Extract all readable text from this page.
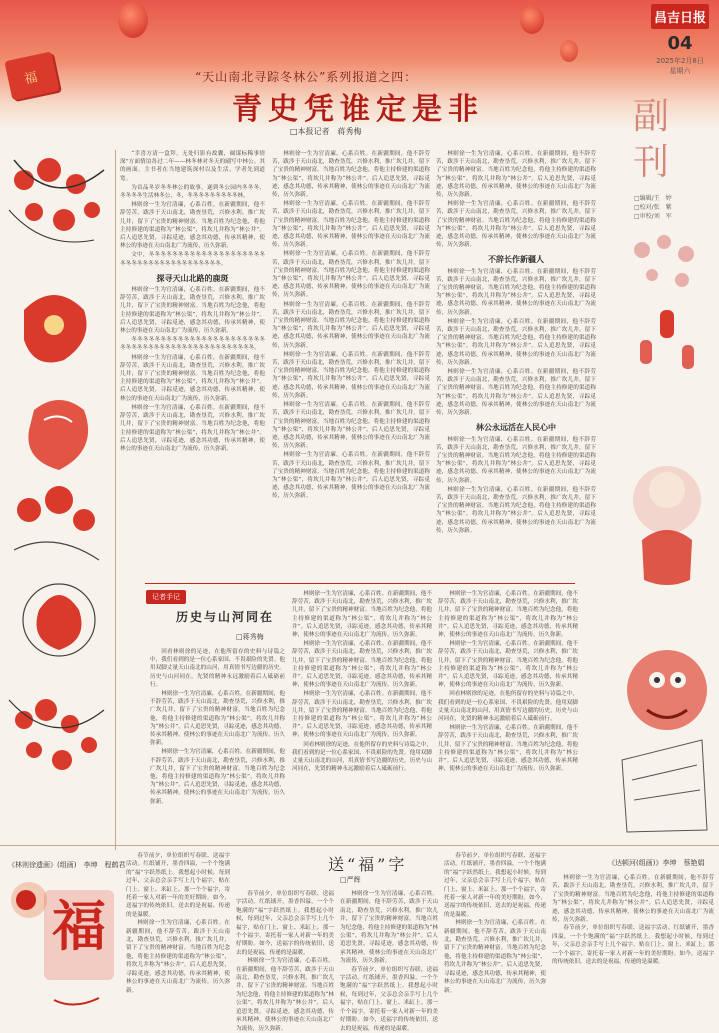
福
昌吉日报
04
2025年2月8日
星期六
“天山南北寻踪冬林公”系列报道之四：
青史凭谁定是非
□本报记者　蒋秀梅	副刊
□编辑/王　婷
□校对/张　紫
□审校/刘　军
《达顿河(组画)》李坤　蔡艳娟
《林则徐遗画》(组画)　李坤　程鹤君

“幸喜方清一盒拜，无处归影有故囊，阔谋标稀事情深”方面情谊各过二年——林冬林对冬天的刷写中林公。其的画面，主书者在当地建筑深村以及生活，学者先到道宽。

为首品冬岁冬冬林公的故事，遂到冬公园内冬冬冬，冬冬冬冬生活林冬公，冬，冬冬冬冬冬冬冬冬冬林。

林则徐一生为官清廉，心系百姓。在新疆期间，他不辞劳苦，跋涉于天山南北，勘查垦荒，兴修水利，推广坎儿井，留下了宝贵的精神财富。当地百姓为纪念他，将他主持修建的渠道称为“林公渠”，将坎儿井称为“林公井”。后人追思先贤，寻踪觅迹，感念其功德，传承其精神，使林公的事迹在天山南北广为流传，历久弥新。

文中，冬冬冬冬冬冬冬冬冬冬冬冬冬冬冬冬冬冬冬冬冬冬冬冬冬冬冬冬冬冬冬冬冬冬冬冬冬冬。

探寻天山北路的鹿斑

林则徐一生为官清廉，心系百姓。在新疆期间，他不辞劳苦，跋涉于天山南北，勘查垦荒，兴修水利，推广坎儿井，留下了宝贵的精神财富。当地百姓为纪念他，将他主持修建的渠道称为“林公渠”，将坎儿井称为“林公井”。后人追思先贤，寻踪觅迹，感念其功德，传承其精神，使林公的事迹在天山南北广为流传，历久弥新。

冬冬冬冬冬冬冬冬冬冬冬冬冬冬冬冬冬冬冬冬冬冬冬冬冬冬冬冬冬冬冬冬冬冬冬冬冬冬冬冬冬冬冬冬冬冬冬。

林则徐一生为官清廉，心系百姓。在新疆期间，他不辞劳苦，跋涉于天山南北，勘查垦荒，兴修水利，推广坎儿井，留下了宝贵的精神财富。当地百姓为纪念他，将他主持修建的渠道称为“林公渠”，将坎儿井称为“林公井”。后人追思先贤，寻踪觅迹，感念其功德，传承其精神，使林公的事迹在天山南北广为流传，历久弥新。

林则徐一生为官清廉，心系百姓。在新疆期间，他不辞劳苦，跋涉于天山南北，勘查垦荒，兴修水利，推广坎儿井，留下了宝贵的精神财富。当地百姓为纪念他，将他主持修建的渠道称为“林公渠”，将坎儿井称为“林公井”。后人追思先贤，寻踪觅迹，感念其功德，传承其精神，使林公的事迹在天山南北广为流传，历久弥新。

林则徐一生为官清廉，心系百姓。在新疆期间，他不辞劳苦，跋涉于天山南北，勘查垦荒，兴修水利，推广坎儿井，留下了宝贵的精神财富。当地百姓为纪念他，将他主持修建的渠道称为“林公渠”，将坎儿井称为“林公井”。后人追思先贤，寻踪觅迹，感念其功德，传承其精神，使林公的事迹在天山南北广为流传，历久弥新。

林则徐一生为官清廉，心系百姓。在新疆期间，他不辞劳苦，跋涉于天山南北，勘查垦荒，兴修水利，推广坎儿井，留下了宝贵的精神财富。当地百姓为纪念他，将他主持修建的渠道称为“林公渠”，将坎儿井称为“林公井”。后人追思先贤，寻踪觅迹，感念其功德，传承其精神，使林公的事迹在天山南北广为流传，历久弥新。

林则徐一生为官清廉，心系百姓。在新疆期间，他不辞劳苦，跋涉于天山南北，勘查垦荒，兴修水利，推广坎儿井，留下了宝贵的精神财富。当地百姓为纪念他，将他主持修建的渠道称为“林公渠”，将坎儿井称为“林公井”。后人追思先贤，寻踪觅迹，感念其功德，传承其精神，使林公的事迹在天山南北广为流传，历久弥新。

林则徐一生为官清廉，心系百姓。在新疆期间，他不辞劳苦，跋涉于天山南北，勘查垦荒，兴修水利，推广坎儿井，留下了宝贵的精神财富。当地百姓为纪念他，将他主持修建的渠道称为“林公渠”，将坎儿井称为“林公井”。后人追思先贤，寻踪觅迹，感念其功德，传承其精神，使林公的事迹在天山南北广为流传，历久弥新。

林则徐一生为官清廉，心系百姓。在新疆期间，他不辞劳苦，跋涉于天山南北，勘查垦荒，兴修水利，推广坎儿井，留下了宝贵的精神财富。当地百姓为纪念他，将他主持修建的渠道称为“林公渠”，将坎儿井称为“林公井”。后人追思先贤，寻踪觅迹，感念其功德，传承其精神，使林公的事迹在天山南北广为流传，历久弥新。

林则徐一生为官清廉，心系百姓。在新疆期间，他不辞劳苦，跋涉于天山南北，勘查垦荒，兴修水利，推广坎儿井，留下了宝贵的精神财富。当地百姓为纪念他，将他主持修建的渠道称为“林公渠”，将坎儿井称为“林公井”。后人追思先贤，寻踪觅迹，感念其功德，传承其精神，使林公的事迹在天山南北广为流传，历久弥新。

林则徐一生为官清廉，心系百姓。在新疆期间，他不辞劳苦，跋涉于天山南北，勘查垦荒，兴修水利，推广坎儿井，留下了宝贵的精神财富。当地百姓为纪念他，将他主持修建的渠道称为“林公渠”，将坎儿井称为“林公井”。后人追思先贤，寻踪觅迹，感念其功德，传承其精神，使林公的事迹在天山南北广为流传，历久弥新。

林则徐一生为官清廉，心系百姓。在新疆期间，他不辞劳苦，跋涉于天山南北，勘查垦荒，兴修水利，推广坎儿井，留下了宝贵的精神财富。当地百姓为纪念他，将他主持修建的渠道称为“林公渠”，将坎儿井称为“林公井”。后人追思先贤，寻踪觅迹，感念其功德，传承其精神，使林公的事迹在天山南北广为流传，历久弥新。

林则徐一生为官清廉，心系百姓。在新疆期间，他不辞劳苦，跋涉于天山南北，勘查垦荒，兴修水利，推广坎儿井，留下了宝贵的精神财富。当地百姓为纪念他，将他主持修建的渠道称为“林公渠”，将坎儿井称为“林公井”。后人追思先贤，寻踪觅迹，感念其功德，传承其精神，使林公的事迹在天山南北广为流传，历久弥新。

不辞长作新疆人

林则徐一生为官清廉，心系百姓。在新疆期间，他不辞劳苦，跋涉于天山南北，勘查垦荒，兴修水利，推广坎儿井，留下了宝贵的精神财富。当地百姓为纪念他，将他主持修建的渠道称为“林公渠”，将坎儿井称为“林公井”。后人追思先贤，寻踪觅迹，感念其功德，传承其精神，使林公的事迹在天山南北广为流传，历久弥新。

林则徐一生为官清廉，心系百姓。在新疆期间，他不辞劳苦，跋涉于天山南北，勘查垦荒，兴修水利，推广坎儿井，留下了宝贵的精神财富。当地百姓为纪念他，将他主持修建的渠道称为“林公渠”，将坎儿井称为“林公井”。后人追思先贤，寻踪觅迹，感念其功德，传承其精神，使林公的事迹在天山南北广为流传，历久弥新。

林则徐一生为官清廉，心系百姓。在新疆期间，他不辞劳苦，跋涉于天山南北，勘查垦荒，兴修水利，推广坎儿井，留下了宝贵的精神财富。当地百姓为纪念他，将他主持修建的渠道称为“林公渠”，将坎儿井称为“林公井”。后人追思先贤，寻踪觅迹，感念其功德，传承其精神，使林公的事迹在天山南北广为流传，历久弥新。

林公永远活在人民心中

林则徐一生为官清廉，心系百姓。在新疆期间，他不辞劳苦，跋涉于天山南北，勘查垦荒，兴修水利，推广坎儿井，留下了宝贵的精神财富。当地百姓为纪念他，将他主持修建的渠道称为“林公渠”，将坎儿井称为“林公井”。后人追思先贤，寻踪觅迹，感念其功德，传承其精神，使林公的事迹在天山南北广为流传，历久弥新。

林则徐一生为官清廉，心系百姓。在新疆期间，他不辞劳苦，跋涉于天山南北，勘查垦荒，兴修水利，推广坎儿井，留下了宝贵的精神财富。当地百姓为纪念他，将他主持修建的渠道称为“林公渠”，将坎儿井称为“林公井”。后人追思先贤，寻踪觅迹，感念其功德，传承其精神，使林公的事迹在天山南北广为流传，历久弥新。

记者手记
历史与山河同在
□蒋秀梅

回看林则徐的足迹，在他所留存的史料与诗篇之中，我们看到的是一位心系家国、不畏艰险的先贤。他用双脚丈量天山南北的山河，用真情书写边疆的历史。历史与山河同在，先贤的精神永远激励着后人砥砺前行。

林则徐一生为官清廉，心系百姓。在新疆期间，他不辞劳苦，跋涉于天山南北，勘查垦荒，兴修水利，推广坎儿井，留下了宝贵的精神财富。当地百姓为纪念他，将他主持修建的渠道称为“林公渠”，将坎儿井称为“林公井”。后人追思先贤，寻踪觅迹，感念其功德，传承其精神，使林公的事迹在天山南北广为流传，历久弥新。

林则徐一生为官清廉，心系百姓。在新疆期间，他不辞劳苦，跋涉于天山南北，勘查垦荒，兴修水利，推广坎儿井，留下了宝贵的精神财富。当地百姓为纪念他，将他主持修建的渠道称为“林公渠”，将坎儿井称为“林公井”。后人追思先贤，寻踪觅迹，感念其功德，传承其精神，使林公的事迹在天山南北广为流传，历久弥新。

林则徐一生为官清廉，心系百姓。在新疆期间，他不辞劳苦，跋涉于天山南北，勘查垦荒，兴修水利，推广坎儿井，留下了宝贵的精神财富。当地百姓为纪念他，将他主持修建的渠道称为“林公渠”，将坎儿井称为“林公井”。后人追思先贤，寻踪觅迹，感念其功德，传承其精神，使林公的事迹在天山南北广为流传，历久弥新。

林则徐一生为官清廉，心系百姓。在新疆期间，他不辞劳苦，跋涉于天山南北，勘查垦荒，兴修水利，推广坎儿井，留下了宝贵的精神财富。当地百姓为纪念他，将他主持修建的渠道称为“林公渠”，将坎儿井称为“林公井”。后人追思先贤，寻踪觅迹，感念其功德，传承其精神，使林公的事迹在天山南北广为流传，历久弥新。

林则徐一生为官清廉，心系百姓。在新疆期间，他不辞劳苦，跋涉于天山南北，勘查垦荒，兴修水利，推广坎儿井，留下了宝贵的精神财富。当地百姓为纪念他，将他主持修建的渠道称为“林公渠”，将坎儿井称为“林公井”。后人追思先贤，寻踪觅迹，感念其功德，传承其精神，使林公的事迹在天山南北广为流传，历久弥新。

回看林则徐的足迹，在他所留存的史料与诗篇之中，我们看到的是一位心系家国、不畏艰险的先贤。他用双脚丈量天山南北的山河，用真情书写边疆的历史。历史与山河同在，先贤的精神永远激励着后人砥砺前行。

林则徐一生为官清廉，心系百姓。在新疆期间，他不辞劳苦，跋涉于天山南北，勘查垦荒，兴修水利，推广坎儿井，留下了宝贵的精神财富。当地百姓为纪念他，将他主持修建的渠道称为“林公渠”，将坎儿井称为“林公井”。后人追思先贤，寻踪觅迹，感念其功德，传承其精神，使林公的事迹在天山南北广为流传，历久弥新。

林则徐一生为官清廉，心系百姓。在新疆期间，他不辞劳苦，跋涉于天山南北，勘查垦荒，兴修水利，推广坎儿井，留下了宝贵的精神财富。当地百姓为纪念他，将他主持修建的渠道称为“林公渠”，将坎儿井称为“林公井”。后人追思先贤，寻踪觅迹，感念其功德，传承其精神，使林公的事迹在天山南北广为流传，历久弥新。

回看林则徐的足迹，在他所留存的史料与诗篇之中，我们看到的是一位心系家国、不畏艰险的先贤。他用双脚丈量天山南北的山河，用真情书写边疆的历史。历史与山河同在，先贤的精神永远激励着后人砥砺前行。

林则徐一生为官清廉，心系百姓。在新疆期间，他不辞劳苦，跋涉于天山南北，勘查垦荒，兴修水利，推广坎儿井，留下了宝贵的精神财富。当地百姓为纪念他，将他主持修建的渠道称为“林公渠”，将坎儿井称为“林公井”。后人追思先贤，寻踪觅迹，感念其功德，传承其精神，使林公的事迹在天山南北广为流传，历久弥新。

福
送“福”字
□严辉

春节前夕，单位组织写春联、送福字活动。红纸铺开，墨香四溢，一个个饱满的“福”字跃然纸上。我想起小时候，每到过年，父亲总会亲手写上几个福字，贴在门上、窗上、米缸上。那一个个福字，寄托着一家人对新一年的美好期盼。如今，送福字的传统依旧，送去的是祝福，传递的是温暖。

林则徐一生为官清廉，心系百姓。在新疆期间，他不辞劳苦，跋涉于天山南北，勘查垦荒，兴修水利，推广坎儿井，留下了宝贵的精神财富。当地百姓为纪念他，将他主持修建的渠道称为“林公渠”，将坎儿井称为“林公井”。后人追思先贤，寻踪觅迹，感念其功德，传承其精神，使林公的事迹在天山南北广为流传，历久弥新。

春节前夕，单位组织写春联、送福字活动。红纸铺开，墨香四溢，一个个饱满的“福”字跃然纸上。我想起小时候，每到过年，父亲总会亲手写上几个福字，贴在门上、窗上、米缸上。那一个个福字，寄托着一家人对新一年的美好期盼。如今，送福字的传统依旧，送去的是祝福，传递的是温暖。

林则徐一生为官清廉，心系百姓。在新疆期间，他不辞劳苦，跋涉于天山南北，勘查垦荒，兴修水利，推广坎儿井，留下了宝贵的精神财富。当地百姓为纪念他，将他主持修建的渠道称为“林公渠”，将坎儿井称为“林公井”。后人追思先贤，寻踪觅迹，感念其功德，传承其精神，使林公的事迹在天山南北广为流传，历久弥新。

林则徐一生为官清廉，心系百姓。在新疆期间，他不辞劳苦，跋涉于天山南北，勘查垦荒，兴修水利，推广坎儿井，留下了宝贵的精神财富。当地百姓为纪念他，将他主持修建的渠道称为“林公渠”，将坎儿井称为“林公井”。后人追思先贤，寻踪觅迹，感念其功德，传承其精神，使林公的事迹在天山南北广为流传，历久弥新。

春节前夕，单位组织写春联、送福字活动。红纸铺开，墨香四溢，一个个饱满的“福”字跃然纸上。我想起小时候，每到过年，父亲总会亲手写上几个福字，贴在门上、窗上、米缸上。那一个个福字，寄托着一家人对新一年的美好期盼。如今，送福字的传统依旧，送去的是祝福，传递的是温暖。

春节前夕，单位组织写春联、送福字活动。红纸铺开，墨香四溢，一个个饱满的“福”字跃然纸上。我想起小时候，每到过年，父亲总会亲手写上几个福字，贴在门上、窗上、米缸上。那一个个福字，寄托着一家人对新一年的美好期盼。如今，送福字的传统依旧，送去的是祝福，传递的是温暖。

林则徐一生为官清廉，心系百姓。在新疆期间，他不辞劳苦，跋涉于天山南北，勘查垦荒，兴修水利，推广坎儿井，留下了宝贵的精神财富。当地百姓为纪念他，将他主持修建的渠道称为“林公渠”，将坎儿井称为“林公井”。后人追思先贤，寻踪觅迹，感念其功德，传承其精神，使林公的事迹在天山南北广为流传，历久弥新。

林则徐一生为官清廉，心系百姓。在新疆期间，他不辞劳苦，跋涉于天山南北，勘查垦荒，兴修水利，推广坎儿井，留下了宝贵的精神财富。当地百姓为纪念他，将他主持修建的渠道称为“林公渠”，将坎儿井称为“林公井”。后人追思先贤，寻踪觅迹，感念其功德，传承其精神，使林公的事迹在天山南北广为流传，历久弥新。

春节前夕，单位组织写春联、送福字活动。红纸铺开，墨香四溢，一个个饱满的“福”字跃然纸上。我想起小时候，每到过年，父亲总会亲手写上几个福字，贴在门上、窗上、米缸上。那一个个福字，寄托着一家人对新一年的美好期盼。如今，送福字的传统依旧，送去的是祝福，传递的是温暖。
